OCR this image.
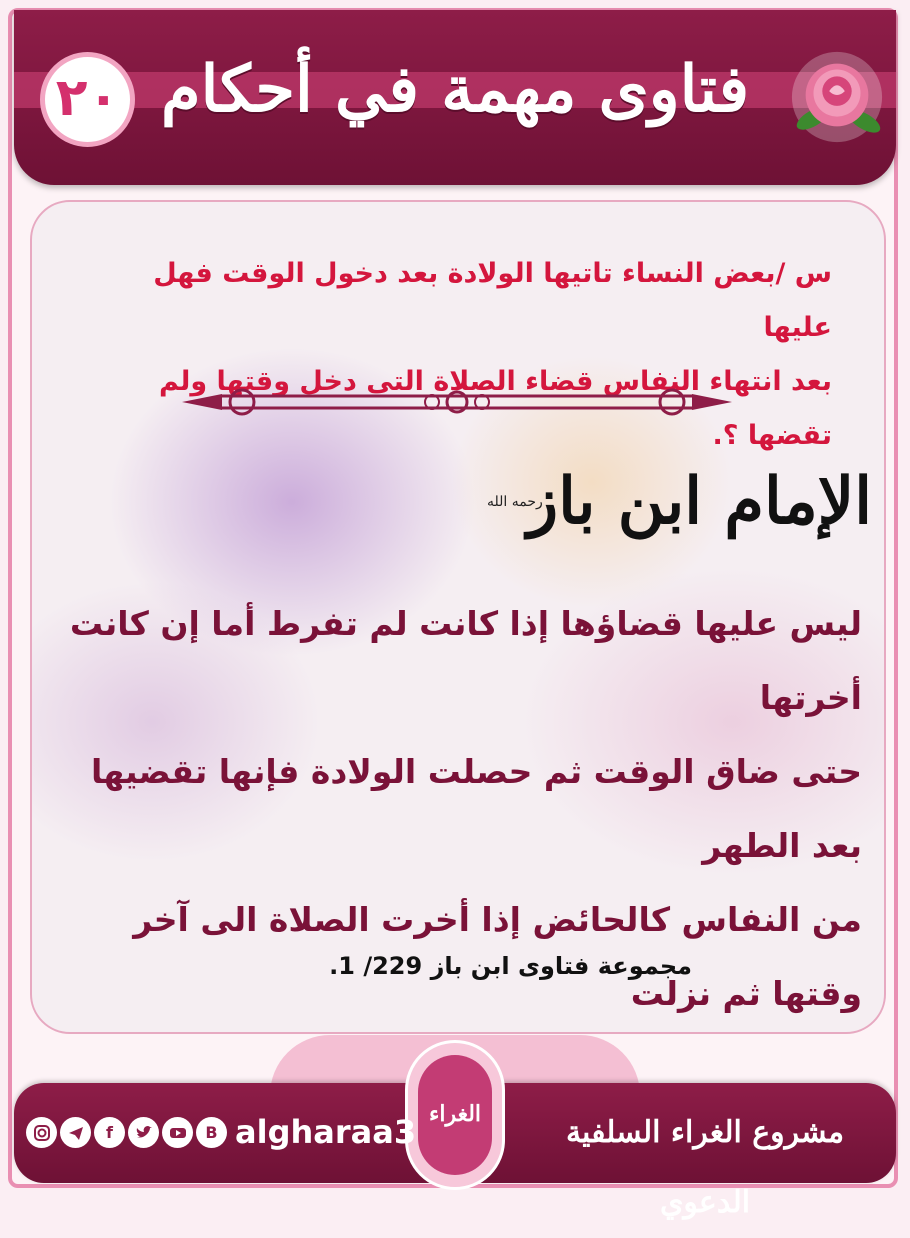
فتاوى مهمة في أحكام
٢٠
س /بعض النساء تاتيها الولادة بعد دخول الوقت فهل عليها
بعد انتهاء النفاس قضاء الصلاة التي دخل وقتها ولم تقضها ؟.
الإمام ابن باز
رحمه الله
ليس عليها قضاؤها إذا كانت لم تفرط أما إن كانت أخرتها
حتى ضاق الوقت ثم حصلت الولادة فإنها تقضيها بعد الطهر
من النفاس كالحائض إذا أخرت الصلاة الى آخر وقتها ثم نزلت
مجموعة فتاوى ابن باز 229/ 1.
الغراء
مشروع الغراء السلفية الدعوي
algharaa3
f	B
